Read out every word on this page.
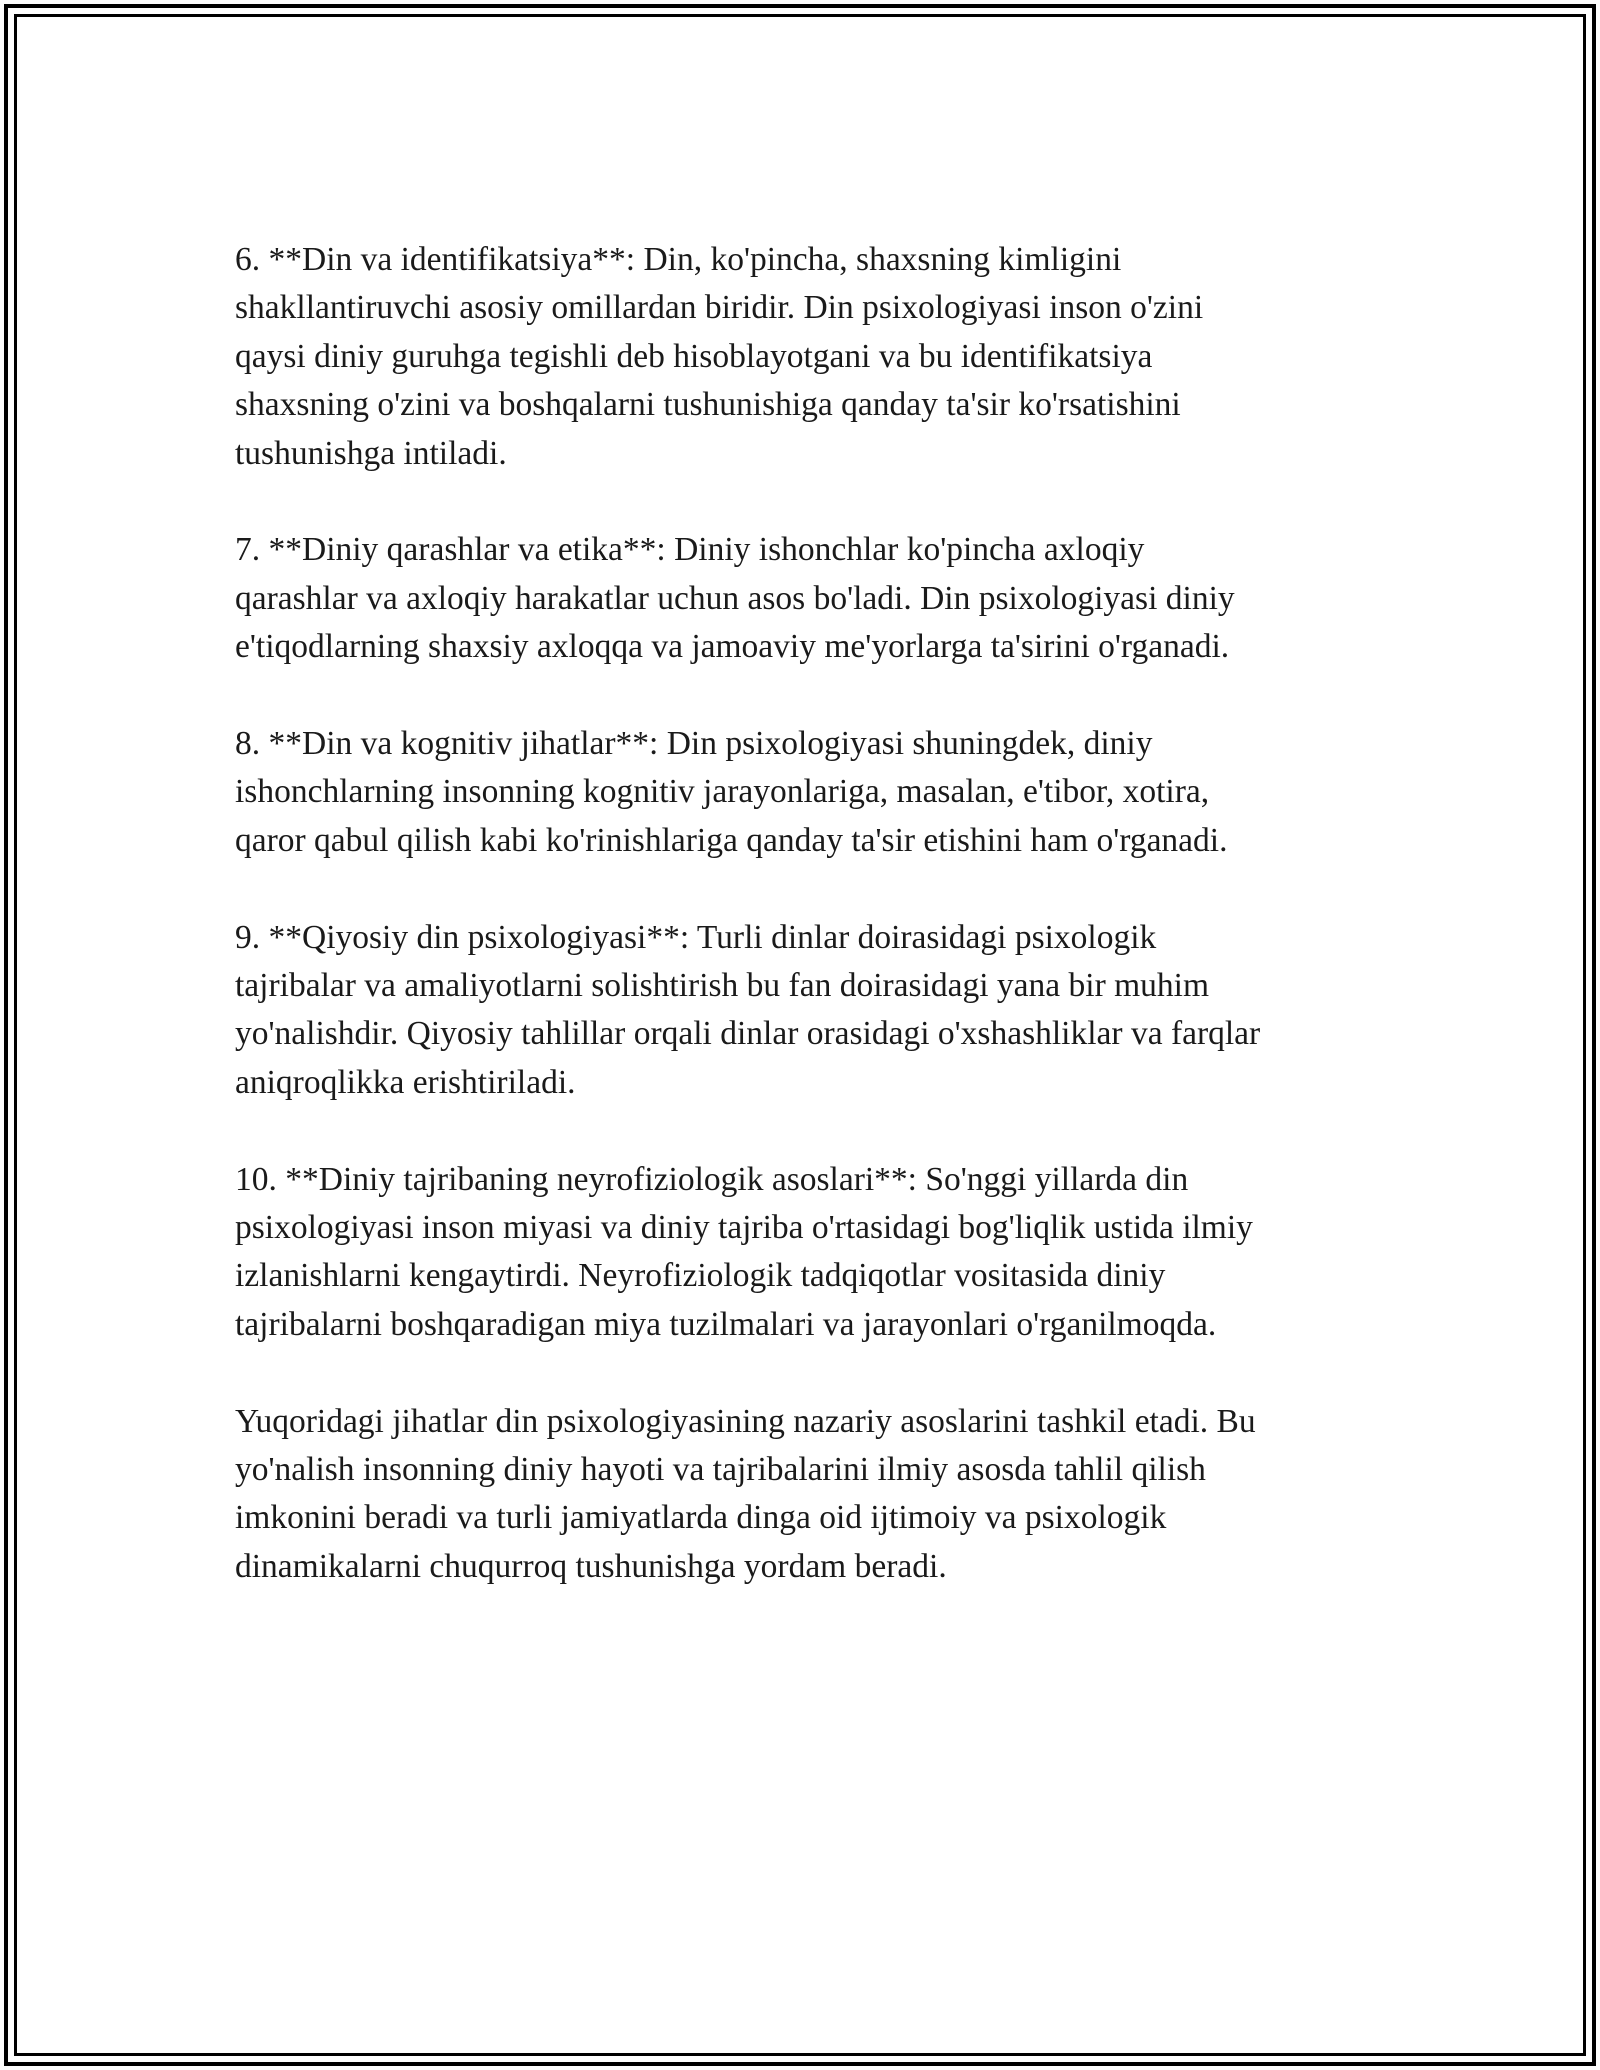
6. **Din va identifikatsiya**: Din, ko'pincha, shaxsning kimligini
shakllantiruvchi asosiy omillardan biridir. Din psixologiyasi inson o'zini
qaysi diniy guruhga tegishli deb hisoblayotgani va bu identifikatsiya
shaxsning o'zini va boshqalarni tushunishiga qanday ta'sir ko'rsatishini
tushunishga intiladi.

7. **Diniy qarashlar va etika**: Diniy ishonchlar ko'pincha axloqiy
qarashlar va axloqiy harakatlar uchun asos bo'ladi. Din psixologiyasi diniy
e'tiqodlarning shaxsiy axloqqa va jamoaviy me'yorlarga ta'sirini o'rganadi.

8. **Din va kognitiv jihatlar**: Din psixologiyasi shuningdek, diniy
ishonchlarning insonning kognitiv jarayonlariga, masalan, e'tibor, xotira,
qaror qabul qilish kabi ko'rinishlariga qanday ta'sir etishini ham o'rganadi.

9. **Qiyosiy din psixologiyasi**: Turli dinlar doirasidagi psixologik
tajribalar va amaliyotlarni solishtirish bu fan doirasidagi yana bir muhim
yo'nalishdir. Qiyosiy tahlillar orqali dinlar orasidagi o'xshashliklar va farqlar
aniqroqlikka erishtiriladi.

10. **Diniy tajribaning neyrofiziologik asoslari**: So'nggi yillarda din
psixologiyasi inson miyasi va diniy tajriba o'rtasidagi bog'liqlik ustida ilmiy
izlanishlarni kengaytirdi. Neyrofiziologik tadqiqotlar vositasida diniy
tajribalarni boshqaradigan miya tuzilmalari va jarayonlari o'rganilmoqda.

Yuqoridagi jihatlar din psixologiyasining nazariy asoslarini tashkil etadi. Bu
yo'nalish insonning diniy hayoti va tajribalarini ilmiy asosda tahlil qilish
imkonini beradi va turli jamiyatlarda dinga oid ijtimoiy va psixologik
dinamikalarni chuqurroq tushunishga yordam beradi.
